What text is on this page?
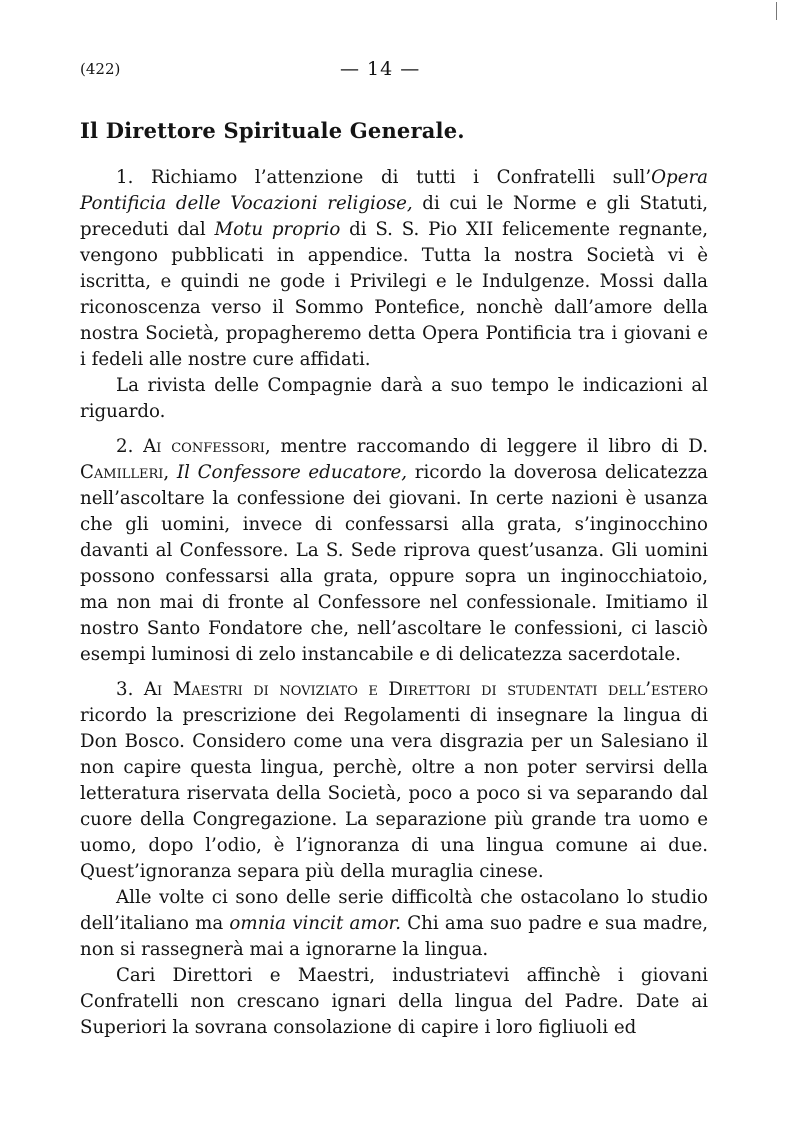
(422)	— 14 —
Il Direttore Spirituale Generale.

1. Richiamo l’attenzione di tutti i Confratelli sull’Opera Pontificia delle Vocazioni religiose, di cui le Norme e gli Statuti, preceduti dal Motu proprio di S. S. Pio XII felicemente regnante, vengono pubblicati in appendice. Tutta la nostra Società vi è iscritta, e quindi ne gode i Privilegi e le Indulgenze. Mossi dalla riconoscenza verso il Sommo Pontefice, nonchè dall’amore della nostra Società, propagheremo detta Opera Pontificia tra i giovani e i fedeli alle nostre cure affidati.

La rivista delle Compagnie darà a suo tempo le indicazioni al riguardo.

2. Ai confessori, mentre raccomando di leggere il libro di D. Camilleri, Il Confessore educatore, ricordo la doverosa delicatezza nell’ascoltare la confessione dei giovani. In certe nazioni è usanza che gli uomini, invece di confessarsi alla grata, s’inginocchino davanti al Confessore. La S. Sede riprova quest’usanza. Gli uomini possono confessarsi alla grata, oppure sopra un inginocchiatoio, ma non mai di fronte al Confessore nel confessionale. Imitiamo il nostro Santo Fondatore che, nell’ascoltare le confessioni, ci lasciò esempi luminosi di zelo instancabile e di delicatezza sacerdotale.

3. Ai Maestri di noviziato e Direttori di studentati dell’estero ricordo la prescrizione dei Regolamenti di insegnare la lingua di Don Bosco. Considero come una vera disgrazia per un Salesiano il non capire questa lingua, perchè, oltre a non poter servirsi della letteratura riservata della Società, poco a poco si va separando dal cuore della Congregazione. La separazione più grande tra uomo e uomo, dopo l’odio, è l’ignoranza di una lingua comune ai due. Quest’ignoranza separa più della muraglia cinese.

Alle volte ci sono delle serie difficoltà che ostacolano lo studio dell’italiano ma omnia vincit amor. Chi ama suo padre e sua madre, non si rassegnerà mai a ignorarne la lingua.

Cari Direttori e Maestri, industriatevi affinchè i giovani Confratelli non crescano ignari della lingua del Padre. Date ai Superiori la sovrana consolazione di capire i loro figliuoli ed
